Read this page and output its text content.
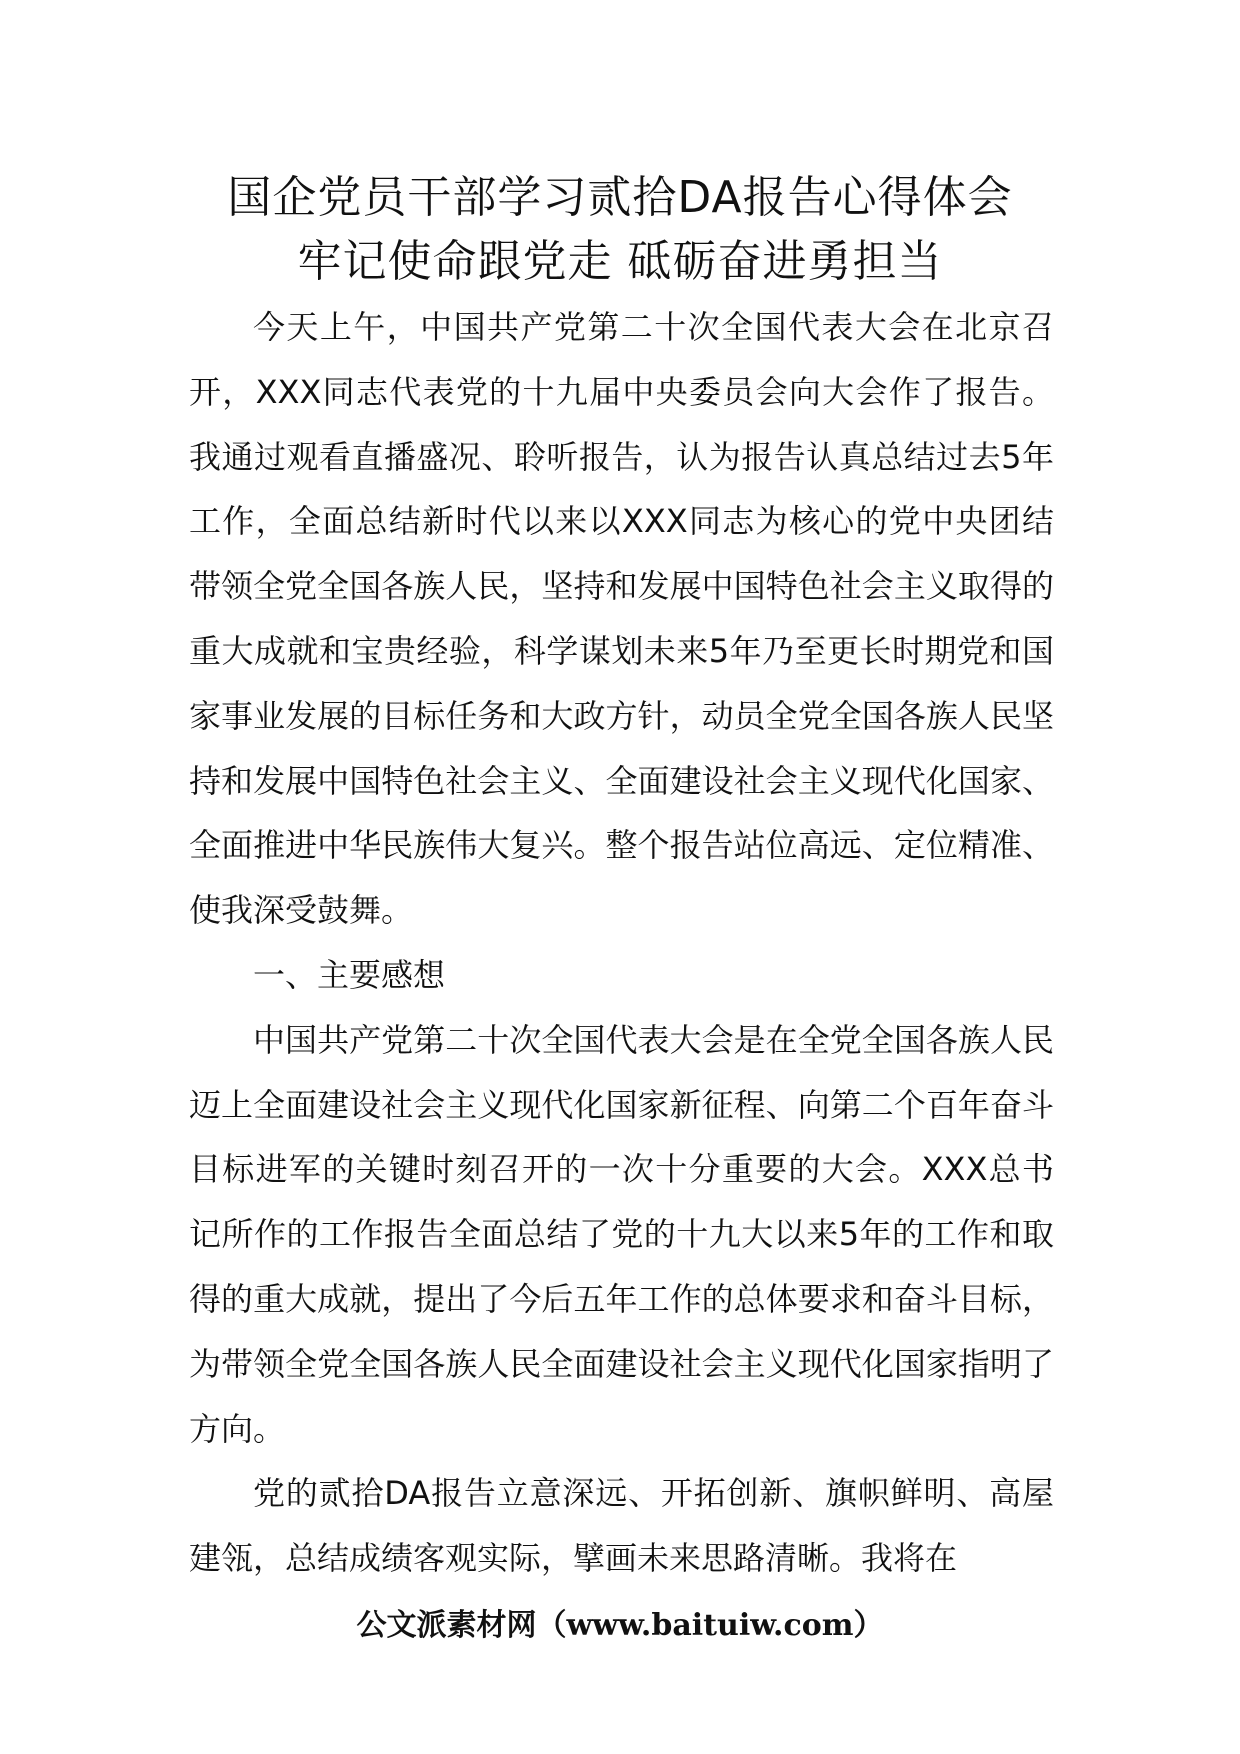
国企党员干部学习贰拾DA报告心得体会
牢记使命跟党走 砥砺奋进勇担当

今天上午，中国共产党第二十次全国代表大会在北京召开，XXX同志代表党的十九届中央委员会向大会作了报告。我通过观看直播盛况、聆听报告，认为报告认真总结过去5年工作，全面总结新时代以来以XXX同志为核心的党中央团结带领全党全国各族人民，坚持和发展中国特色社会主义取得的重大成就和宝贵经验，科学谋划未来5年乃至更长时期党和国家事业发展的目标任务和大政方针，动员全党全国各族人民坚持和发展中国特色社会主义、全面建设社会主义现代化国家、全面推进中华民族伟大复兴。整个报告站位高远、定位精准、使我深受鼓舞。

一、主要感想

中国共产党第二十次全国代表大会是在全党全国各族人民迈上全面建设社会主义现代化国家新征程、向第二个百年奋斗目标进军的关键时刻召开的一次十分重要的大会。XXX总书记所作的工作报告全面总结了党的十九大以来5年的工作和取得的重大成就，提出了今后五年工作的总体要求和奋斗目标，为带领全党全国各族人民全面建设社会主义现代化国家指明了方向。

党的贰拾DA报告立意深远、开拓创新、旗帜鲜明、高屋建瓴，总结成绩客观实际，擘画未来思路清晰。我将在

公文派素材网（www.baituiw.com）
